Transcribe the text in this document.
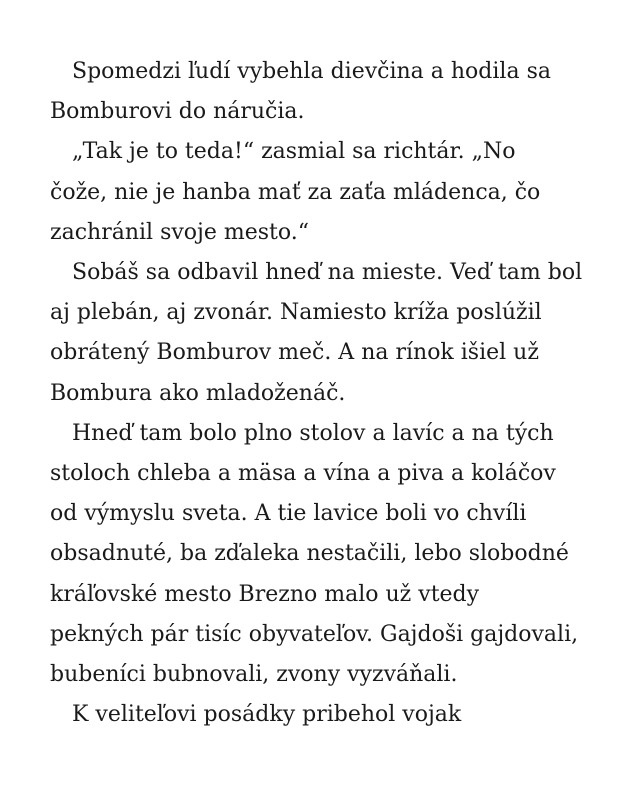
Spomedzi ľudí vybehla dievčina a hodila sa
Bomburovi do náručia.

„Tak je to teda!“ zasmial sa richtár. „No
čože, nie je hanba mať za zaťa mládenca, čo
zachránil svoje mesto.“

Sobáš sa odbavil hneď na mieste. Veď tam bol
aj plebán, aj zvonár. Namiesto kríža poslúžil
obrátený Bomburov meč. A na rínok išiel už
Bombura ako mladoženáč.

Hneď tam bolo plno stolov a lavíc a na tých
stoloch chleba a mäsa a vína a piva a koláčov
od výmyslu sveta. A tie lavice boli vo chvíli
obsadnuté, ba zďaleka nestačili, lebo slobodné
kráľovské mesto Brezno malo už vtedy
pekných pár tisíc obyvateľov. Gajdoši gajdovali,
bubeníci bubnovali, zvony vyzváňali.

K veliteľovi posádky pribehol vojak
